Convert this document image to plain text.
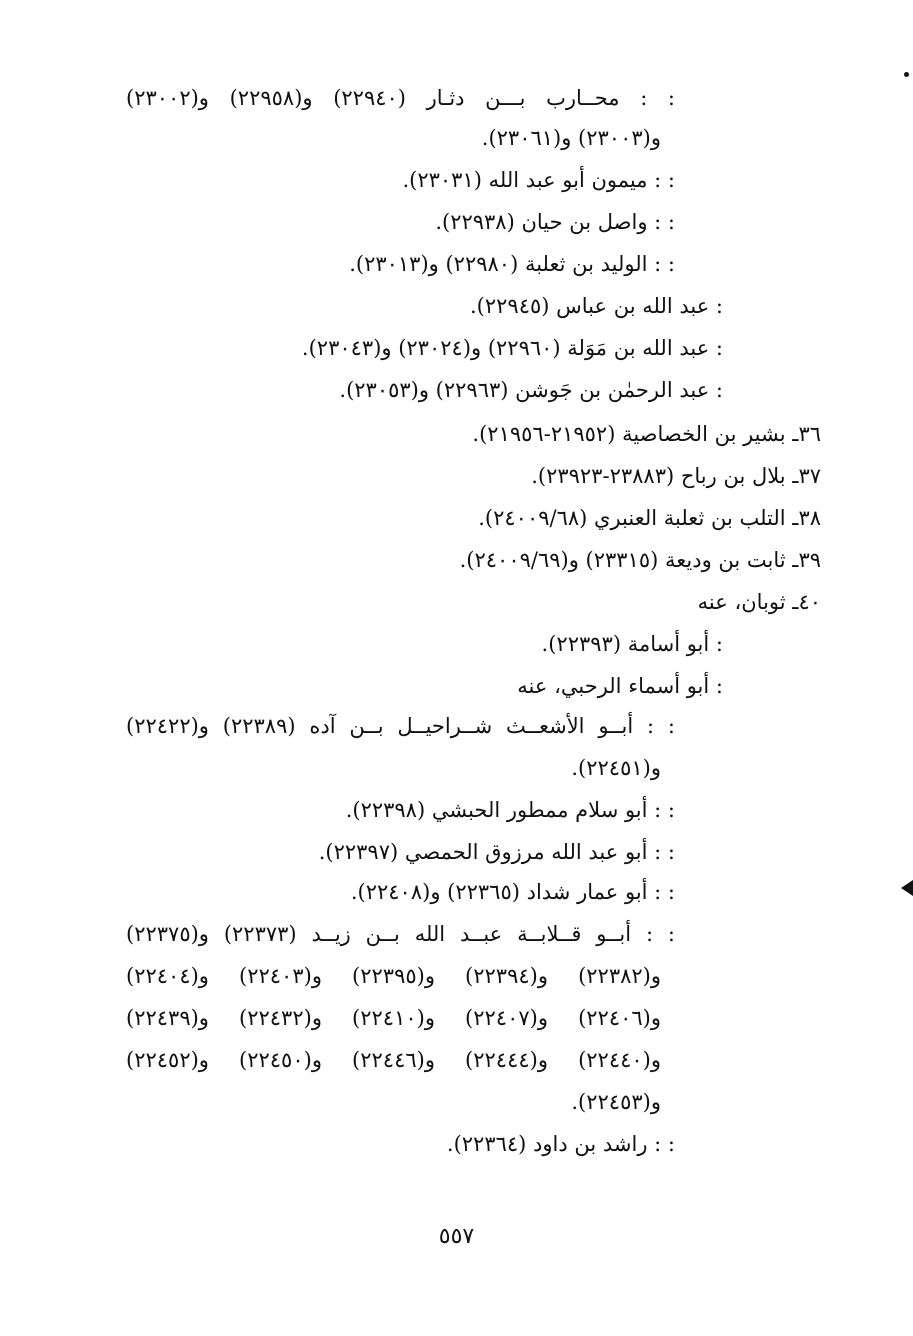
: : محــارب بـــن دثـار (٢٢٩٤٠) و(٢٢٩٥٨) و(٢٣٠٠٢)
و(٢٣٠٠٣) و(٢٣٠٦١).
: : ميمون أبو عبد الله (٢٣٠٣١).
: : واصل بن حيان (٢٢٩٣٨).
: : الوليد بن ثعلبة (٢٢٩٨٠) و(٢٣٠١٣).
: عبد الله بن عباس (٢٢٩٤٥).
: عبد الله بن مَوَلة (٢٢٩٦٠) و(٢٣٠٢٤) و(٢٣٠٤٣).
: عبد الرحمٰن بن جَوشن (٢٢٩٦٣) و(٢٣٠٥٣).
٣٦ـ بشير بن الخصاصية (٢١٩٥٢-٢١٩٥٦).
٣٧ـ بلال بن رباح (٢٣٨٨٣-٢٣٩٢٣).
٣٨ـ التلب بن ثعلبة العنبري (٢٤٠٠٩/٦٨).
٣٩ـ ثابت بن وديعة (٢٣٣١٥) و(٢٤٠٠٩/٦٩).
٤٠ـ ثوبان، عنه
: أبو أسامة (٢٢٣٩٣).
: أبو أسماء الرحبي، عنه
: : أبــو الأشعــث شــراحيــل بــن آده (٢٢٣٨٩) و(٢٢٤٢٢)
و(٢٢٤٥١).
: : أبو سلام ممطور الحبشي (٢٢٣٩٨).
: : أبو عبد الله مرزوق الحمصي (٢٢٣٩٧).
: : أبو عمار شداد (٢٢٣٦٥) و(٢٢٤٠٨).
: : أبــو قــلابــة عبــد الله بــن زيــد (٢٢٣٧٣) و(٢٢٣٧٥)
و(٢٢٣٨٢) و(٢٢٣٩٤) و(٢٢٣٩٥) و(٢٢٤٠٣) و(٢٢٤٠٤)
و(٢٢٤٠٦) و(٢٢٤٠٧) و(٢٢٤١٠) و(٢٢٤٣٢) و(٢٢٤٣٩)
و(٢٢٤٤٠) و(٢٢٤٤٤) و(٢٢٤٤٦) و(٢٢٤٥٠) و(٢٢٤٥٢)
و(٢٢٤٥٣).
: : راشد بن داود (٢٢٣٦٤).
٥٥٧
